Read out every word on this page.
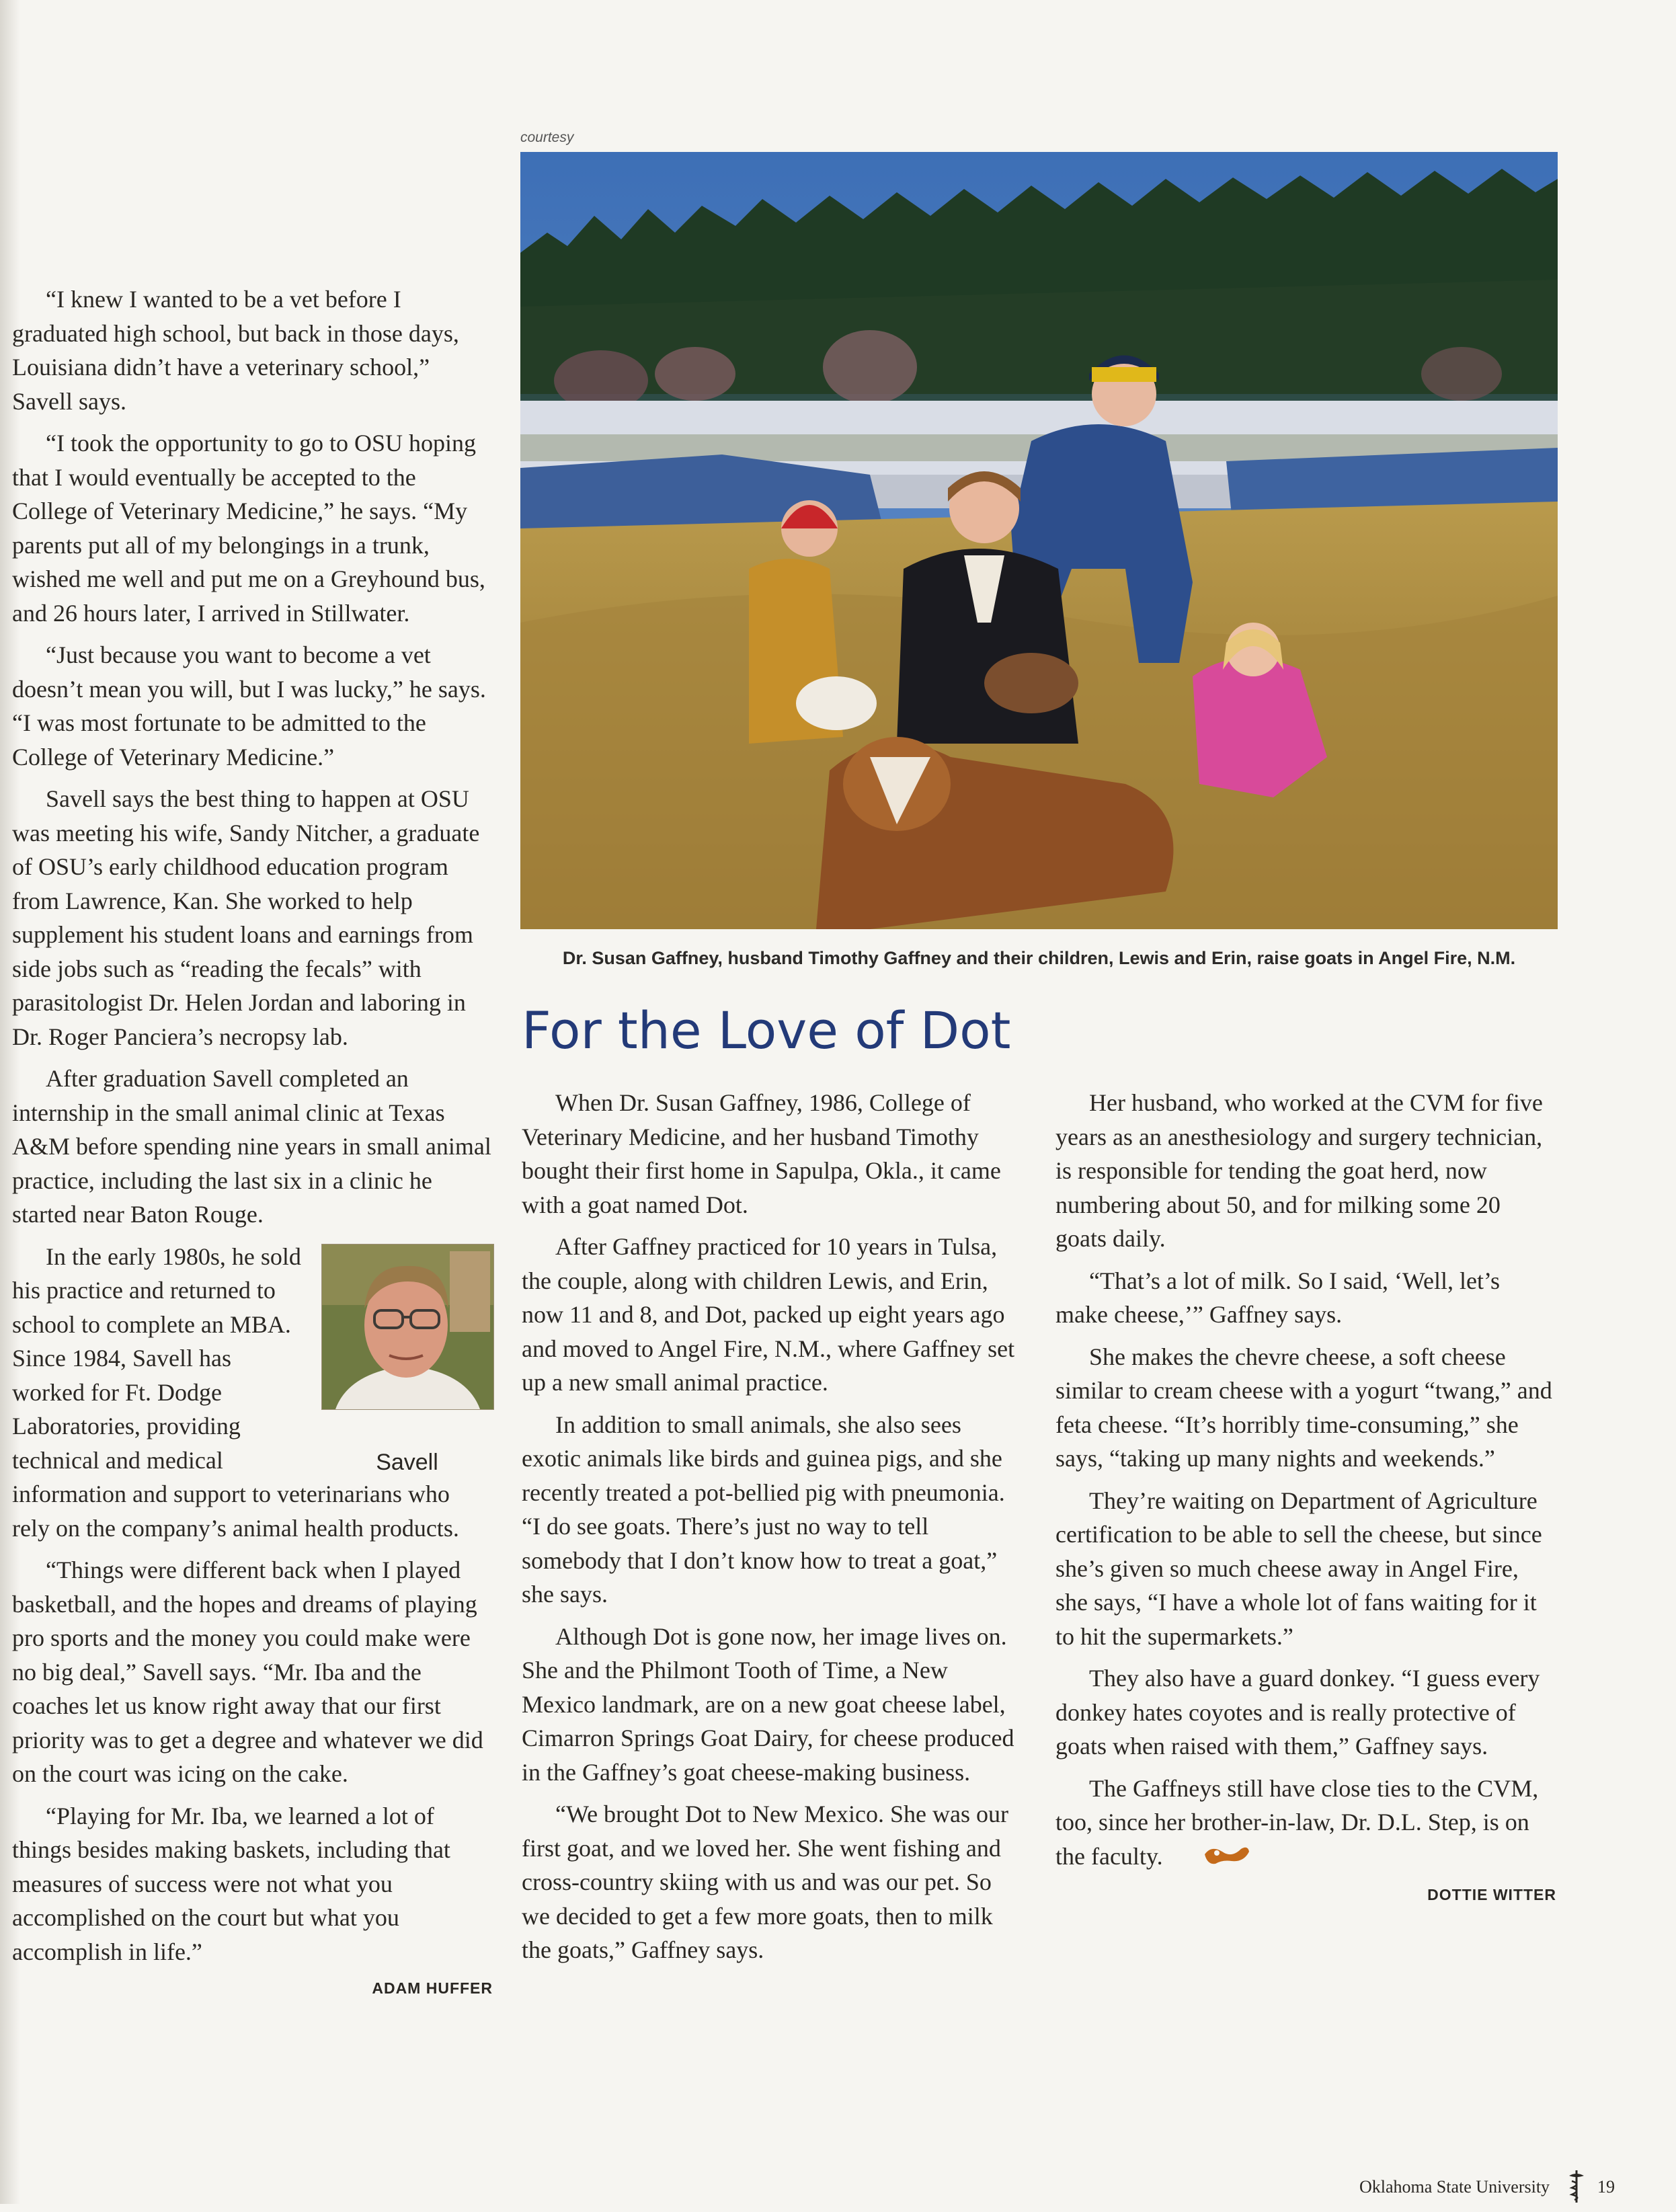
courtesy
Dr. Susan Gaffney, husband Timothy Gaffney and their children, Lewis and Erin, raise goats in Angel Fire, N.M.
For the Love of Dot

“I knew I wanted to be a vet before I graduated high school, but back in those days, Louisiana didn’t have a veterinary school,” Savell says.

“I took the opportunity to go to OSU hoping that I would eventually be accepted to the College of Veterinary Medicine,” he says. “My parents put all of my belongings in a trunk, wished me well and put me on a Greyhound bus, and 26 hours later, I arrived in Stillwater.

“Just because you want to become a vet doesn’t mean you will, but I was lucky,” he says. “I was most fortunate to be admitted to the College of Veterinary Medicine.”

Savell says the best thing to happen at OSU was meeting his wife, Sandy Nitcher, a graduate of OSU’s early childhood education program from Lawrence, Kan. She worked to help supplement his student loans and earnings from side jobs such as “reading the fecals” with parasitologist Dr. Helen Jordan and laboring in Dr. Roger Panciera’s necropsy lab.

After graduation Savell completed an internship in the small animal clinic at Texas A&M before spending nine years in small animal practice, including the last six in a clinic he started near Baton Rouge.

Savell

In the early 1980s, he sold his practice and returned to school to complete an MBA. Since 1984, Savell has worked for Ft. Dodge Laboratories, providing technical and medical information and support to veterinarians who rely on the company’s animal health products.

“Things were different back when I played basketball, and the hopes and dreams of playing pro sports and the money you could make were no big deal,” Savell says. “Mr. Iba and the coaches let us know right away that our first priority was to get a degree and whatever we did on the court was icing on the cake.

“Playing for Mr. Iba, we learned a lot of things besides making baskets, including that measures of success were not what you accomplished on the court but what you accomplish in life.”

ADAM HUFFER

When Dr. Susan Gaffney, 1986, College of Veterinary Medicine, and her husband Timothy bought their first home in Sapulpa, Okla., it came with a goat named Dot.

After Gaffney practiced for 10 years in Tulsa, the couple, along with children Lewis, and Erin, now 11 and 8, and Dot, packed up eight years ago and moved to Angel Fire, N.M., where Gaffney set up a new small animal practice.

In addition to small animals, she also sees exotic animals like birds and guinea pigs, and she recently treated a pot-bellied pig with pneumonia. “I do see goats. There’s just no way to tell somebody that I don’t know how to treat a goat,” she says.

Although Dot is gone now, her image lives on. She and the Philmont Tooth of Time, a New Mexico landmark, are on a new goat cheese label, Cimarron Springs Goat Dairy, for cheese produced in the Gaffney’s goat cheese-making business.

“We brought Dot to New Mexico. She was our first goat, and we loved her. She went fishing and cross-country skiing with us and was our pet. So we decided to get a few more goats, then to milk the goats,” Gaffney says.

Her husband, who worked at the CVM for five years as an anesthesiology and surgery technician, is responsible for tending the goat herd, now numbering about 50, and for milking some 20 goats daily.

“That’s a lot of milk. So I said, ‘Well, let’s make cheese,’” Gaffney says.

She makes the chevre cheese, a soft cheese similar to cream cheese with a yogurt “twang,” and feta cheese. “It’s horribly time-consuming,” she says, “taking up many nights and weekends.”

They’re waiting on Department of Agriculture certification to be able to sell the cheese, but since she’s given so much cheese away in Angel Fire, she says, “I have a whole lot of fans waiting for it to hit the supermarkets.”

They also have a guard donkey. “I guess every donkey hates coyotes and is really protective of goats when raised with them,” Gaffney says.

The Gaffneys still have close ties to the CVM, too, since her brother-in-law, Dr. D.L. Step, is on the faculty.

DOTTIE WITTER
Oklahoma State University	19
